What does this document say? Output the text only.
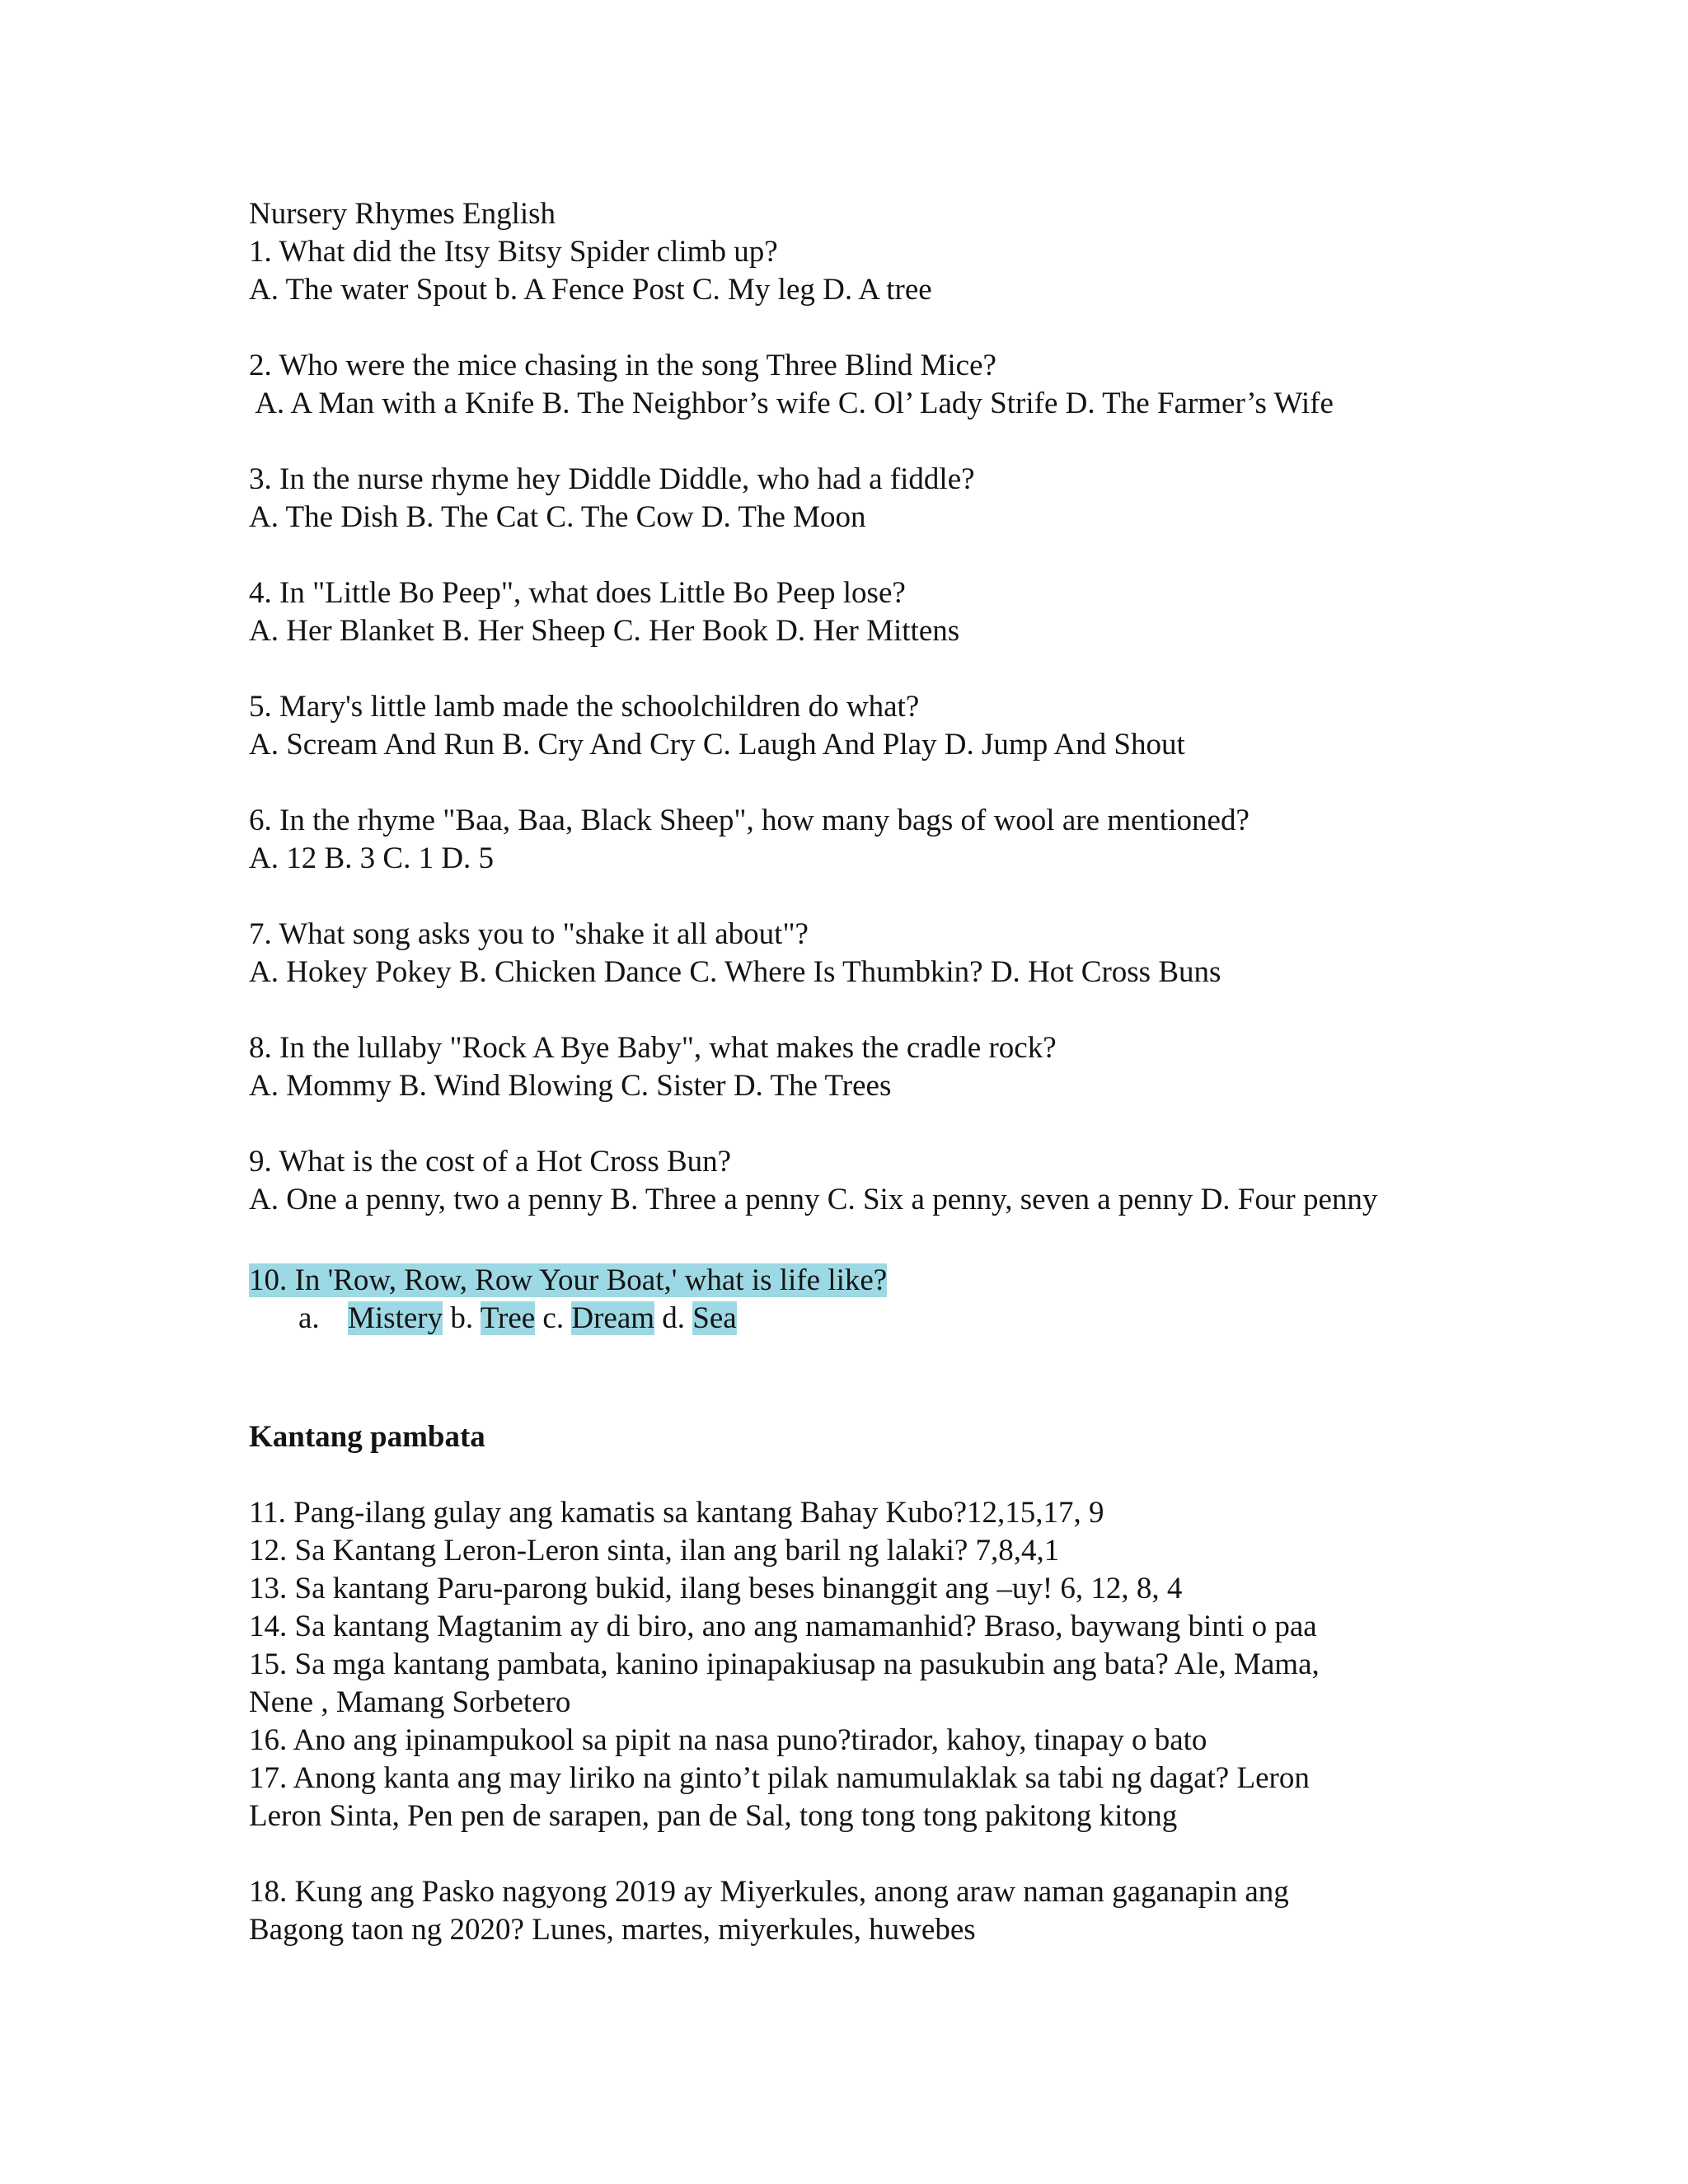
Nursery Rhymes English
1. What did the Itsy Bitsy Spider climb up?
A. The water Spout b. A Fence Post C. My leg D. A tree
2. Who were the mice chasing in the song Three Blind Mice?
A. A Man with a Knife B. The Neighbor’s wife C. Ol’ Lady Strife D. The Farmer’s Wife
3. In the nurse rhyme hey Diddle Diddle, who had a fiddle?
A. The Dish B. The Cat C. The Cow D. The Moon
4. In "Little Bo Peep", what does Little Bo Peep lose?
A. Her Blanket B. Her Sheep C. Her Book D. Her Mittens
5. Mary's little lamb made the schoolchildren do what?
A. Scream And Run B. Cry And Cry C. Laugh And Play D. Jump And Shout
6. In the rhyme "Baa, Baa, Black Sheep", how many bags of wool are mentioned?
A. 12 B. 3 C. 1 D. 5
7. What song asks you to "shake it all about"?
A. Hokey Pokey B. Chicken Dance C. Where Is Thumbkin? D. Hot Cross Buns
8. In the lullaby "Rock A Bye Baby", what makes the cradle rock?
A. Mommy B. Wind Blowing C. Sister D. The Trees
9. What is the cost of a Hot Cross Bun?
A. One a penny, two a penny B. Three a penny C. Six a penny, seven a penny D. Four penny
10. In 'Row, Row, Row Your Boat,' what is life like?
a. Mistery b. Tree c. Dream d. Sea
Kantang pambata
11. Pang-ilang gulay ang kamatis sa kantang Bahay Kubo?12,15,17, 9
12. Sa Kantang Leron-Leron sinta, ilan ang baril ng lalaki? 7,8,4,1
13. Sa kantang Paru-parong bukid, ilang beses binanggit ang –uy! 6, 12, 8, 4
14. Sa kantang Magtanim ay di biro, ano ang namamanhid? Braso, baywang binti o paa
15. Sa mga kantang pambata, kanino ipinapakiusap na pasukubin ang bata? Ale, Mama,
Nene , Mamang Sorbetero
16. Ano ang ipinampukool sa pipit na nasa puno?tirador, kahoy, tinapay o bato
17. Anong kanta ang may liriko na ginto’t pilak namumulaklak sa tabi ng dagat? Leron
Leron Sinta, Pen pen de sarapen, pan de Sal, tong tong tong pakitong kitong
18. Kung ang Pasko nagyong 2019 ay Miyerkules, anong araw naman gaganapin ang
Bagong taon ng 2020? Lunes, martes, miyerkules, huwebes
